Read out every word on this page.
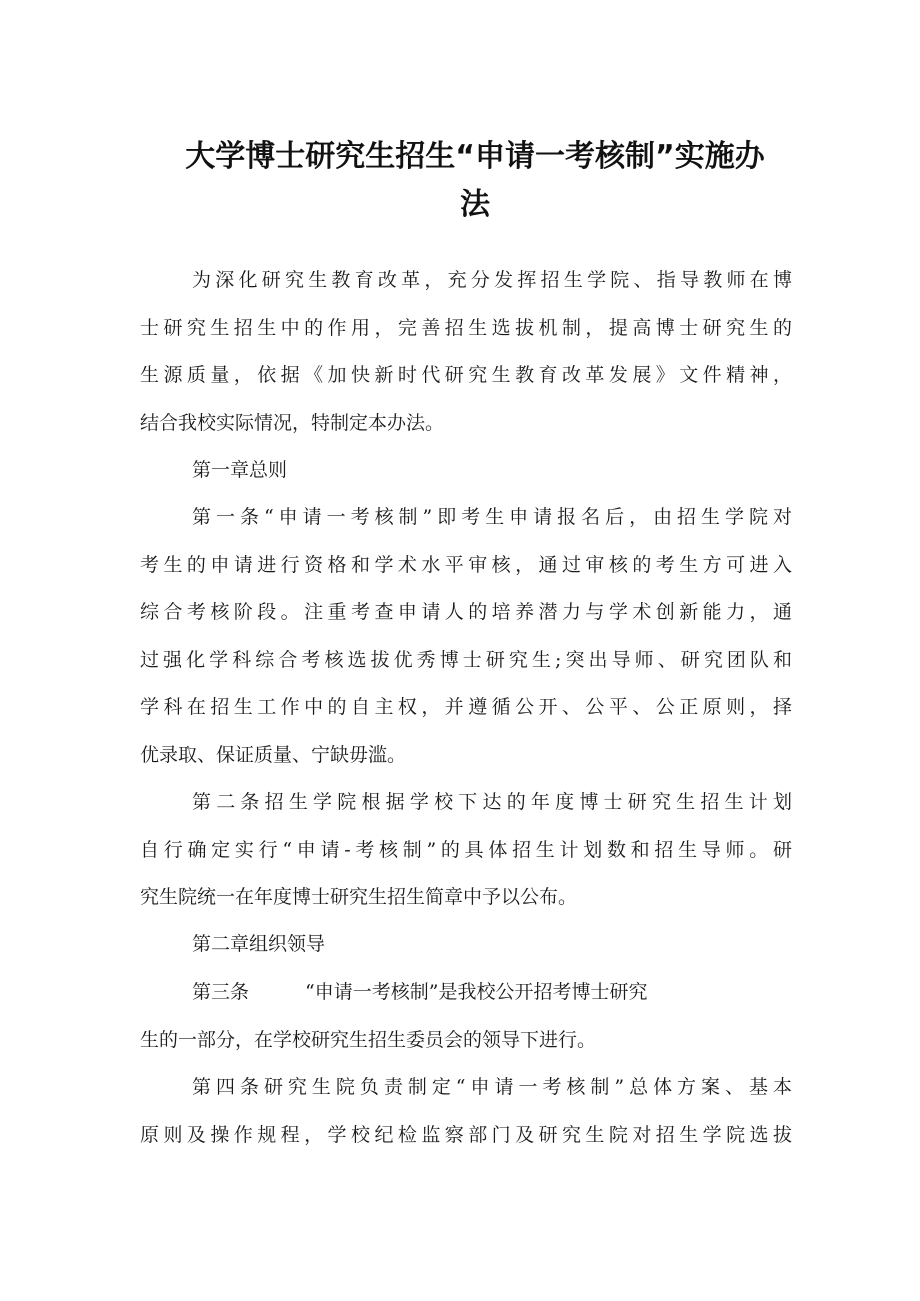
大学博士研究生招生“申请一考核制”实施办
法
为深化研究生教育改革，充分发挥招生学院、指导教师在博
士研究生招生中的作用，完善招生选拔机制，提高博士研究生的
生源质量，依据《加快新时代研究生教育改革发展》文件精神，
结合我校实际情况，特制定本办法。
第一章总则
第一条“申请一考核制”即考生申请报名后，由招生学院对
考生的申请进行资格和学术水平审核，通过审核的考生方可进入
综合考核阶段。注重考查申请人的培养潜力与学术创新能力，通
过强化学科综合考核选拔优秀博士研究生;突出导师、研究团队和
学科在招生工作中的自主权，并遵循公开、公平、公正原则，择
优录取、保证质量、宁缺毋滥。
第二条招生学院根据学校下达的年度博士研究生招生计划
自行确定实行“申请-考核制”的具体招生计划数和招生导师。研
究生院统一在年度博士研究生招生简章中予以公布。
第二章组织领导
第三条	“申请一考核制”是我校公开招考博士研究
生的一部分，在学校研究生招生委员会的领导下进行。
第四条研究生院负责制定“申请一考核制”总体方案、基本
原则及操作规程，学校纪检监察部门及研究生院对招生学院选拔
